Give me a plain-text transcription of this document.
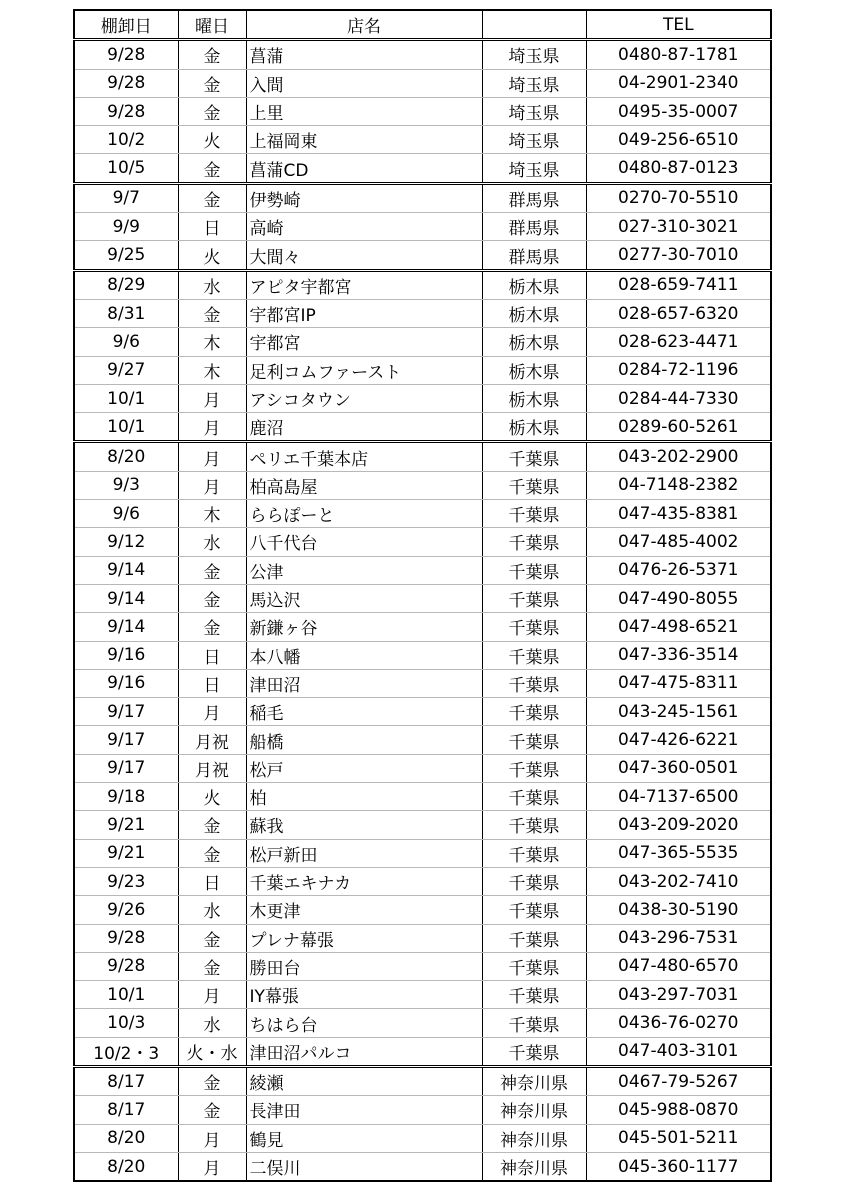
棚卸日	曜日	店名		TEL
9/28	金	菖蒲	埼玉県	0480-87-1781
9/28	金	入間	埼玉県	04-2901-2340
9/28	金	上里	埼玉県	0495-35-0007
10/2	火	上福岡東	埼玉県	049-256-6510
10/5	金	菖蒲CD	埼玉県	0480-87-0123
9/7	金	伊勢崎	群馬県	0270-70-5510
9/9	日	高崎	群馬県	027-310-3021
9/25	火	大間々	群馬県	0277-30-7010
8/29	水	アピタ宇都宮	栃木県	028-659-7411
8/31	金	宇都宮IP	栃木県	028-657-6320
9/6	木	宇都宮	栃木県	028-623-4471
9/27	木	足利コムファースト	栃木県	0284-72-1196
10/1	月	アシコタウン	栃木県	0284-44-7330
10/1	月	鹿沼	栃木県	0289-60-5261
8/20	月	ペリエ千葉本店	千葉県	043-202-2900
9/3	月	柏高島屋	千葉県	04-7148-2382
9/6	木	ららぽーと	千葉県	047-435-8381
9/12	水	八千代台	千葉県	047-485-4002
9/14	金	公津	千葉県	0476-26-5371
9/14	金	馬込沢	千葉県	047-490-8055
9/14	金	新鎌ヶ谷	千葉県	047-498-6521
9/16	日	本八幡	千葉県	047-336-3514
9/16	日	津田沼	千葉県	047-475-8311
9/17	月	稲毛	千葉県	043-245-1561
9/17	月祝	船橋	千葉県	047-426-6221
9/17	月祝	松戸	千葉県	047-360-0501
9/18	火	柏	千葉県	04-7137-6500
9/21	金	蘇我	千葉県	043-209-2020
9/21	金	松戸新田	千葉県	047-365-5535
9/23	日	千葉エキナカ	千葉県	043-202-7410
9/26	水	木更津	千葉県	0438-30-5190
9/28	金	プレナ幕張	千葉県	043-296-7531
9/28	金	勝田台	千葉県	047-480-6570
10/1	月	IY幕張	千葉県	043-297-7031
10/3	水	ちはら台	千葉県	0436-76-0270
10/2・3	火・水	津田沼パルコ	千葉県	047-403-3101
8/17	金	綾瀬	神奈川県	0467-79-5267
8/17	金	長津田	神奈川県	045-988-0870
8/20	月	鶴見	神奈川県	045-501-5211
8/20	月	二俣川	神奈川県	045-360-1177
